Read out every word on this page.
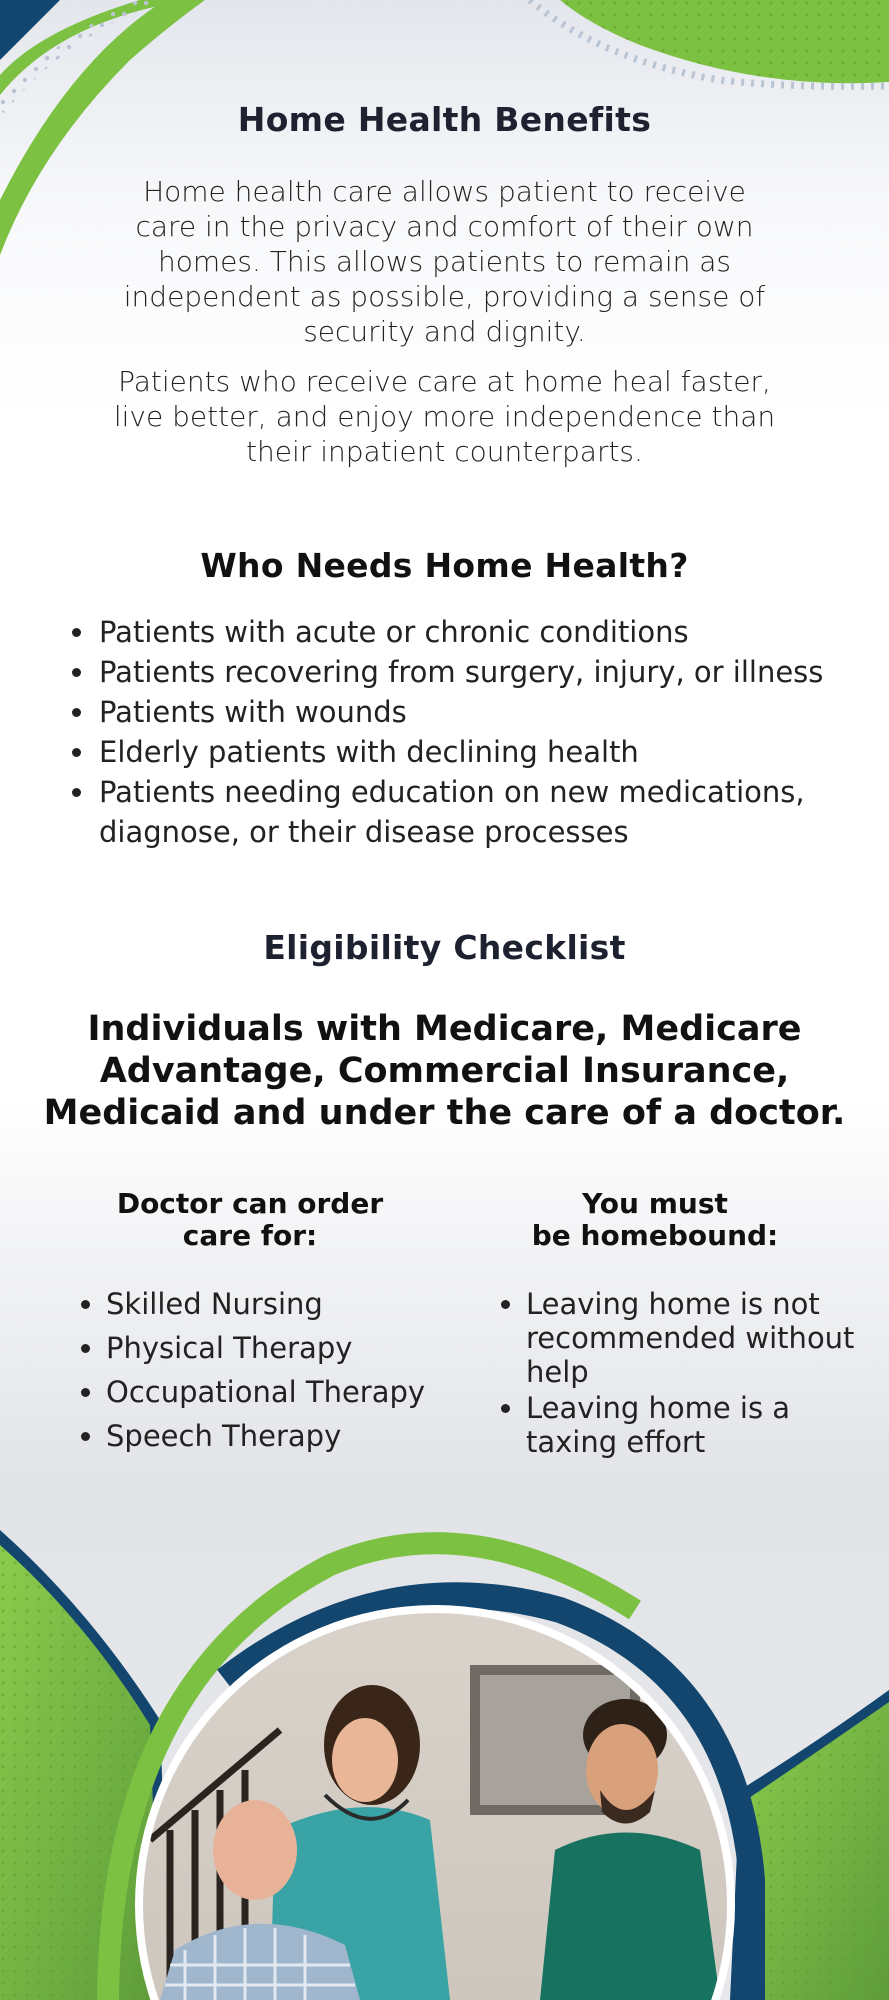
Home Health Benefits

Home health care allows patient to receive care in the privacy and comfort of their own homes. This allows patients to remain as independent as possible, providing a sense of security and dignity.

Patients who receive care at home heal faster, live better, and enjoy more independence than their inpatient counterparts.

Who Needs Home Health?
• Patients with acute or chronic conditions
• Patients recovering from surgery, injury, or illness
• Patients with wounds
• Elderly patients with declining health
• Patients needing education on new medications, diagnose, or their disease processes
Eligibility Checklist

Individuals with Medicare, Medicare Advantage, Commercial Insurance, Medicaid and under the care of a doctor.

Doctor can order
care for:
• Skilled Nursing
• Physical Therapy
• Occupational Therapy
• Speech Therapy
You must
be homebound:
• Leaving home is not recommended without help
• Leaving home is a taxing effort
